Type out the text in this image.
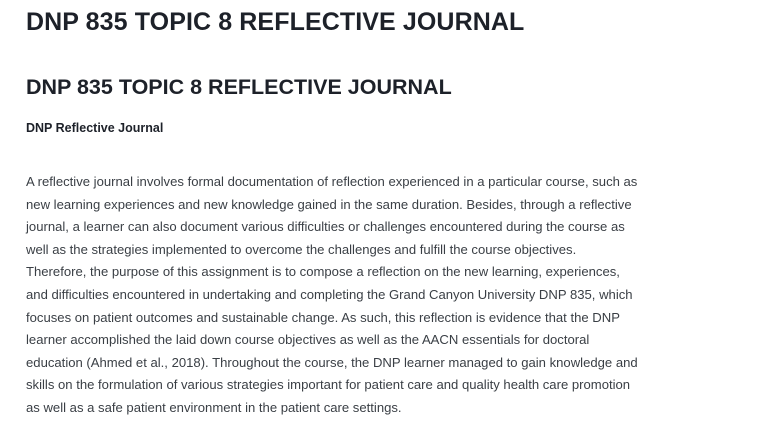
DNP 835 TOPIC 8 REFLECTIVE JOURNAL
DNP 835 TOPIC 8 REFLECTIVE JOURNAL
DNP Reflective Journal

A reflective journal involves formal documentation of reflection experienced in a particular course, such as
new learning experiences and new knowledge gained in the same duration. Besides, through a reflective
journal, a learner can also document various difficulties or challenges encountered during the course as
well as the strategies implemented to overcome the challenges and fulfill the course objectives.
Therefore, the purpose of this assignment is to compose a reflection on the new learning, experiences,
and difficulties encountered in undertaking and completing the Grand Canyon University DNP 835, which
focuses on patient outcomes and sustainable change. As such, this reflection is evidence that the DNP
learner accomplished the laid down course objectives as well as the AACN essentials for doctoral
education (Ahmed et al., 2018). Throughout the course, the DNP learner managed to gain knowledge and
skills on the formulation of various strategies important for patient care and quality health care promotion
as well as a safe patient environment in the patient care settings.
